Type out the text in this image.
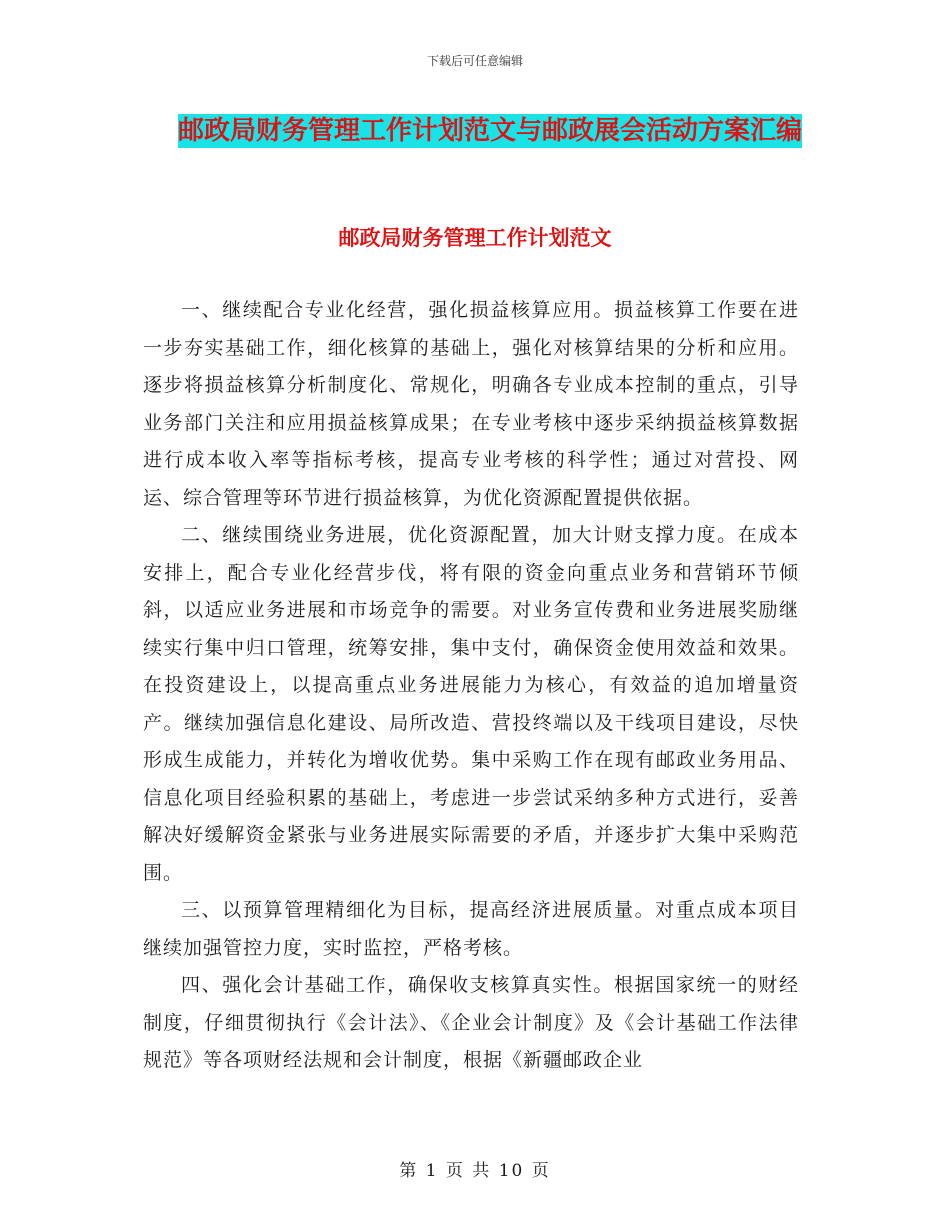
下载后可任意编辑
邮政局财务管理工作计划范文与邮政展会活动方案汇编
邮政局财务管理工作计划范文

一、继续配合专业化经营，强化损益核算应用。损益核算工作要在进一步夯实基础工作，细化核算的基础上，强化对核算结果的分析和应用。逐步将损益核算分析制度化、常规化，明确各专业成本控制的重点，引导业务部门关注和应用损益核算成果；在专业考核中逐步采纳损益核算数据进行成本收入率等指标考核，提高专业考核的科学性；通过对营投、网运、综合管理等环节进行损益核算，为优化资源配置提供依据。

二、继续围绕业务进展，优化资源配置，加大计财支撑力度。在成本安排上，配合专业化经营步伐，将有限的资金向重点业务和营销环节倾斜，以适应业务进展和市场竞争的需要。对业务宣传费和业务进展奖励继续实行集中归口管理，统筹安排，集中支付，确保资金使用效益和效果。在投资建设上，以提高重点业务进展能力为核心，有效益的追加增量资产。继续加强信息化建设、局所改造、营投终端以及干线项目建设，尽快形成生成能力，并转化为增收优势。集中采购工作在现有邮政业务用品、信息化项目经验积累的基础上，考虑进一步尝试采纳多种方式进行，妥善解决好缓解资金紧张与业务进展实际需要的矛盾，并逐步扩大集中采购范围。

三、以预算管理精细化为目标，提高经济进展质量。对重点成本项目继续加强管控力度，实时监控，严格考核。

四、强化会计基础工作，确保收支核算真实性。根据国家统一的财经制度，仔细贯彻执行《会计法》、《企业会计制度》及《会计基础工作法律规范》等各项财经法规和会计制度，根据《新疆邮政企业

第 1 页 共 10 页
